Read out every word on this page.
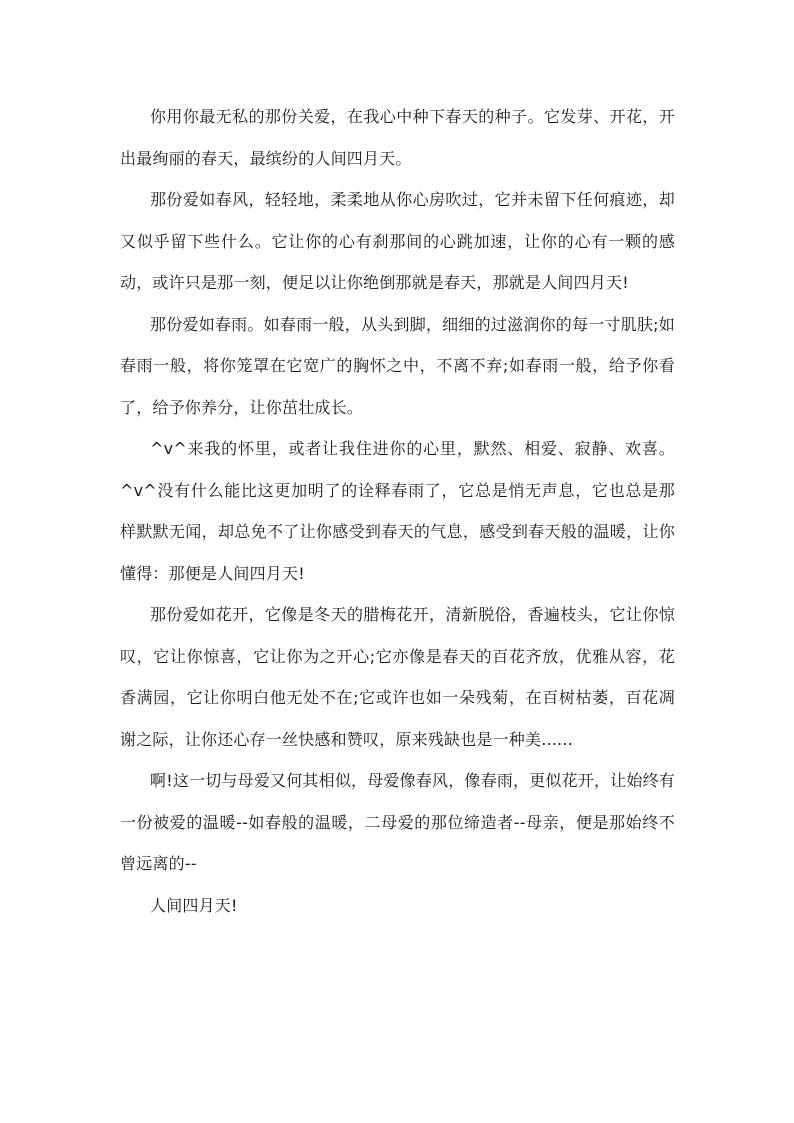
你用你最无私的那份关爱，在我心中种下春天的种子。它发芽、开花，开出最绚丽的春天，最缤纷的人间四月天。

那份爱如春风，轻轻地，柔柔地从你心房吹过，它并未留下任何痕迹，却又似乎留下些什么。它让你的心有刹那间的心跳加速，让你的心有一颗的感动，或许只是那一刻，便足以让你绝倒那就是春天，那就是人间四月天!

那份爱如春雨。如春雨一般，从头到脚，细细的过滋润你的每一寸肌肤;如春雨一般，将你笼罩在它宽广的胸怀之中，不离不弃;如春雨一般，给予你看了，给予你养分，让你茁壮成长。

^v^来我的怀里，或者让我住进你的心里，默然、相爱、寂静、欢喜。^v^没有什么能比这更加明了的诠释春雨了，它总是悄无声息，它也总是那样默默无闻，却总免不了让你感受到春天的气息，感受到春天般的温暖，让你懂得：那便是人间四月天!

那份爱如花开，它像是冬天的腊梅花开，清新脱俗，香遍枝头，它让你惊叹，它让你惊喜，它让你为之开心;它亦像是春天的百花齐放，优雅从容，花香满园，它让你明白他无处不在;它或许也如一朵残菊，在百树枯萎，百花凋谢之际，让你还心存一丝快感和赞叹，原来残缺也是一种美......

啊!这一切与母爱又何其相似，母爱像春风，像春雨，更似花开，让始终有一份被爱的温暖--如春般的温暖，二母爱的那位缔造者--母亲，便是那始终不曾远离的--

人间四月天!
